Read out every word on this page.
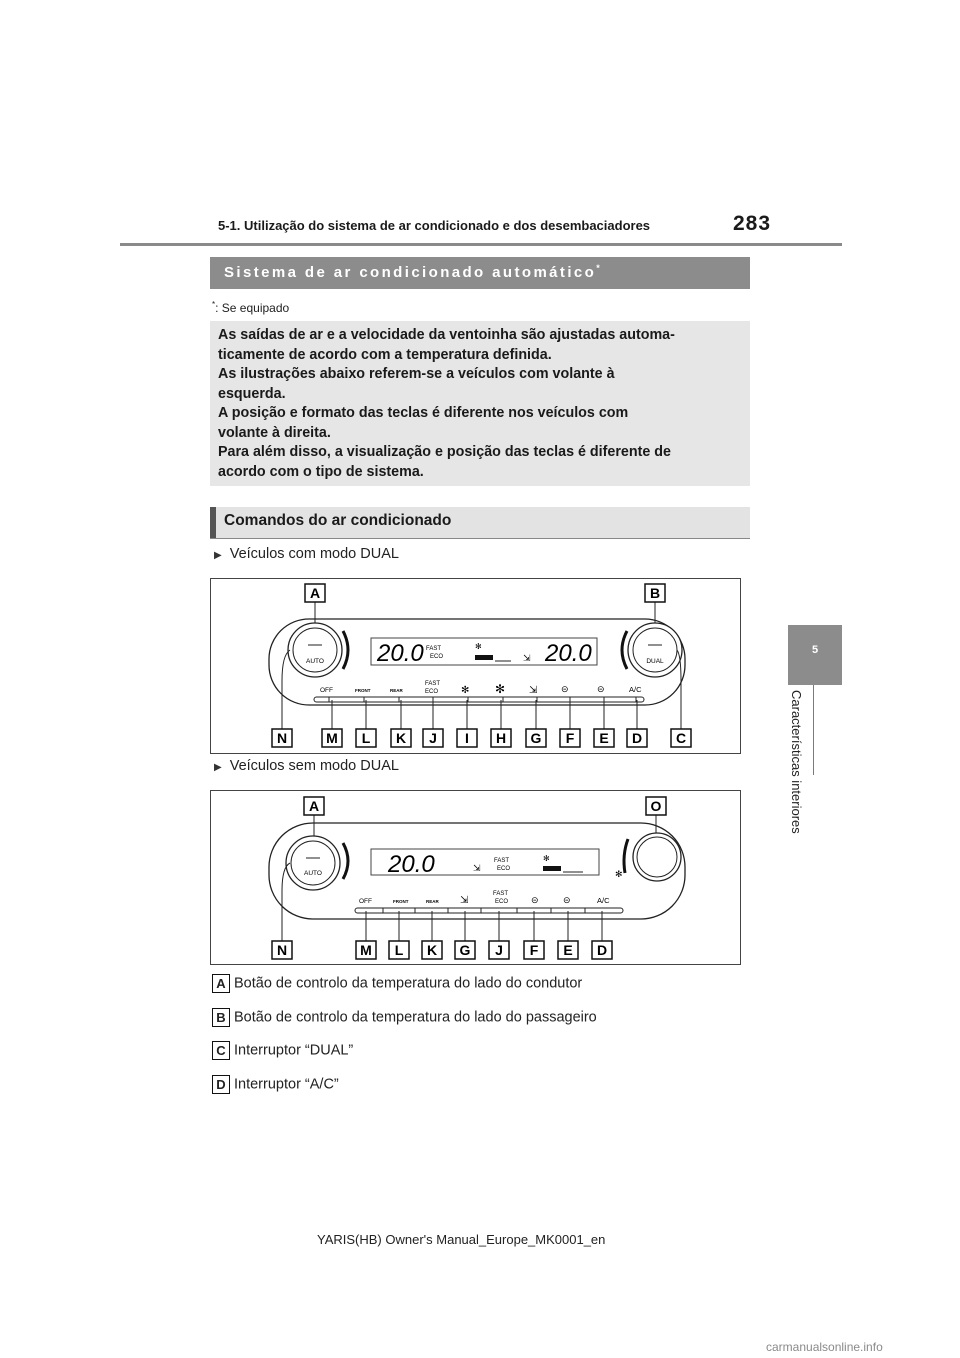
5-1. Utilização do sistema de ar condicionado e dos desembaciadores	283
5
Características interiores
Sistema de ar condicionado automático*
*: Se equipado
As saídas de ar e a velocidade da ventoinha são ajustadas automa-
ticamente de acordo com a temperatura definida.
As ilustrações abaixo referem-se a veículos com volante à
esquerda.
A posição e formato das teclas é diferente nos veículos com
volante à direita.
Para além disso, a visualização e posição das teclas é diferente de
acordo com o tipo de sistema.
Comandos do ar condicionado
▶ Veículos com modo DUAL
AUTO	DUAL
20.0	20.0
FAST
ECO
✻
⇲
OFF	FRONT	REAR
FAST
ECO ✻ ✻ ⇲	⊝	⊝	A/C
A	B
N	M L K J I H G F E D C
▶ Veículos sem modo DUAL
AUTO	✻
20.0	⇲
FAST
ECO
✻
OFF	FRONT	REAR ⇲
FAST
ECO	⊝	⊝	A/C
A	O
N	M L K G J F E D
A Botão de controlo da temperatura do lado do condutor
B Botão de controlo da temperatura do lado do passageiro
C Interruptor “DUAL”
D Interruptor “A/C”
YARIS(HB) Owner's Manual_Europe_MK0001_en
carmanualsonline.info
